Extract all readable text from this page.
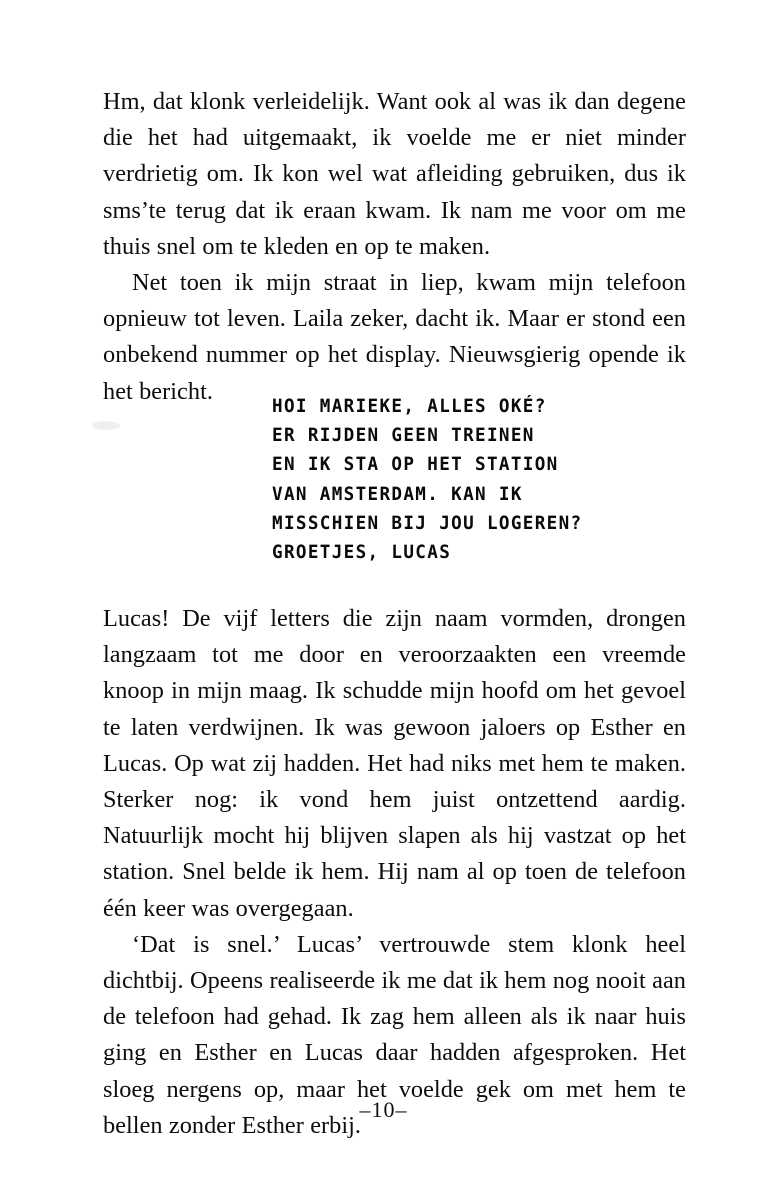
Hm, dat klonk verleidelijk. Want ook al was ik dan degene die het had uitgemaakt, ik voelde me er niet minder verdrietig om. Ik kon wel wat afleiding gebruiken, dus ik sms’te terug dat ik eraan kwam. Ik nam me voor om me thuis snel om te kleden en op te maken.

Net toen ik mijn straat in liep, kwam mijn telefoon opnieuw tot leven. Laila zeker, dacht ik. Maar er stond een onbekend nummer op het display. Nieuwsgierig opende ik het bericht.

HOI MARIEKE, ALLES OKÉ?
ER RIJDEN GEEN TREINEN
EN IK STA OP HET STATION
VAN AMSTERDAM. KAN IK
MISSCHIEN BIJ JOU LOGEREN?
GROETJES, LUCAS

Lucas! De vijf letters die zijn naam vormden, drongen langzaam tot me door en veroorzaakten een vreemde knoop in mijn maag. Ik schudde mijn hoofd om het gevoel te laten verdwijnen. Ik was gewoon jaloers op Esther en Lucas. Op wat zij hadden. Het had niks met hem te maken. Sterker nog: ik vond hem juist ontzettend aardig. Natuurlijk mocht hij blijven slapen als hij vastzat op het station. Snel belde ik hem. Hij nam al op toen de telefoon één keer was overgegaan.

‘Dat is snel.’ Lucas’ vertrouwde stem klonk heel dichtbij. Opeens realiseerde ik me dat ik hem nog nooit aan de telefoon had gehad. Ik zag hem alleen als ik naar huis ging en Esther en Lucas daar hadden afgesproken. Het sloeg nergens op, maar het voelde gek om met hem te bellen zonder Esther erbij.

–10–
